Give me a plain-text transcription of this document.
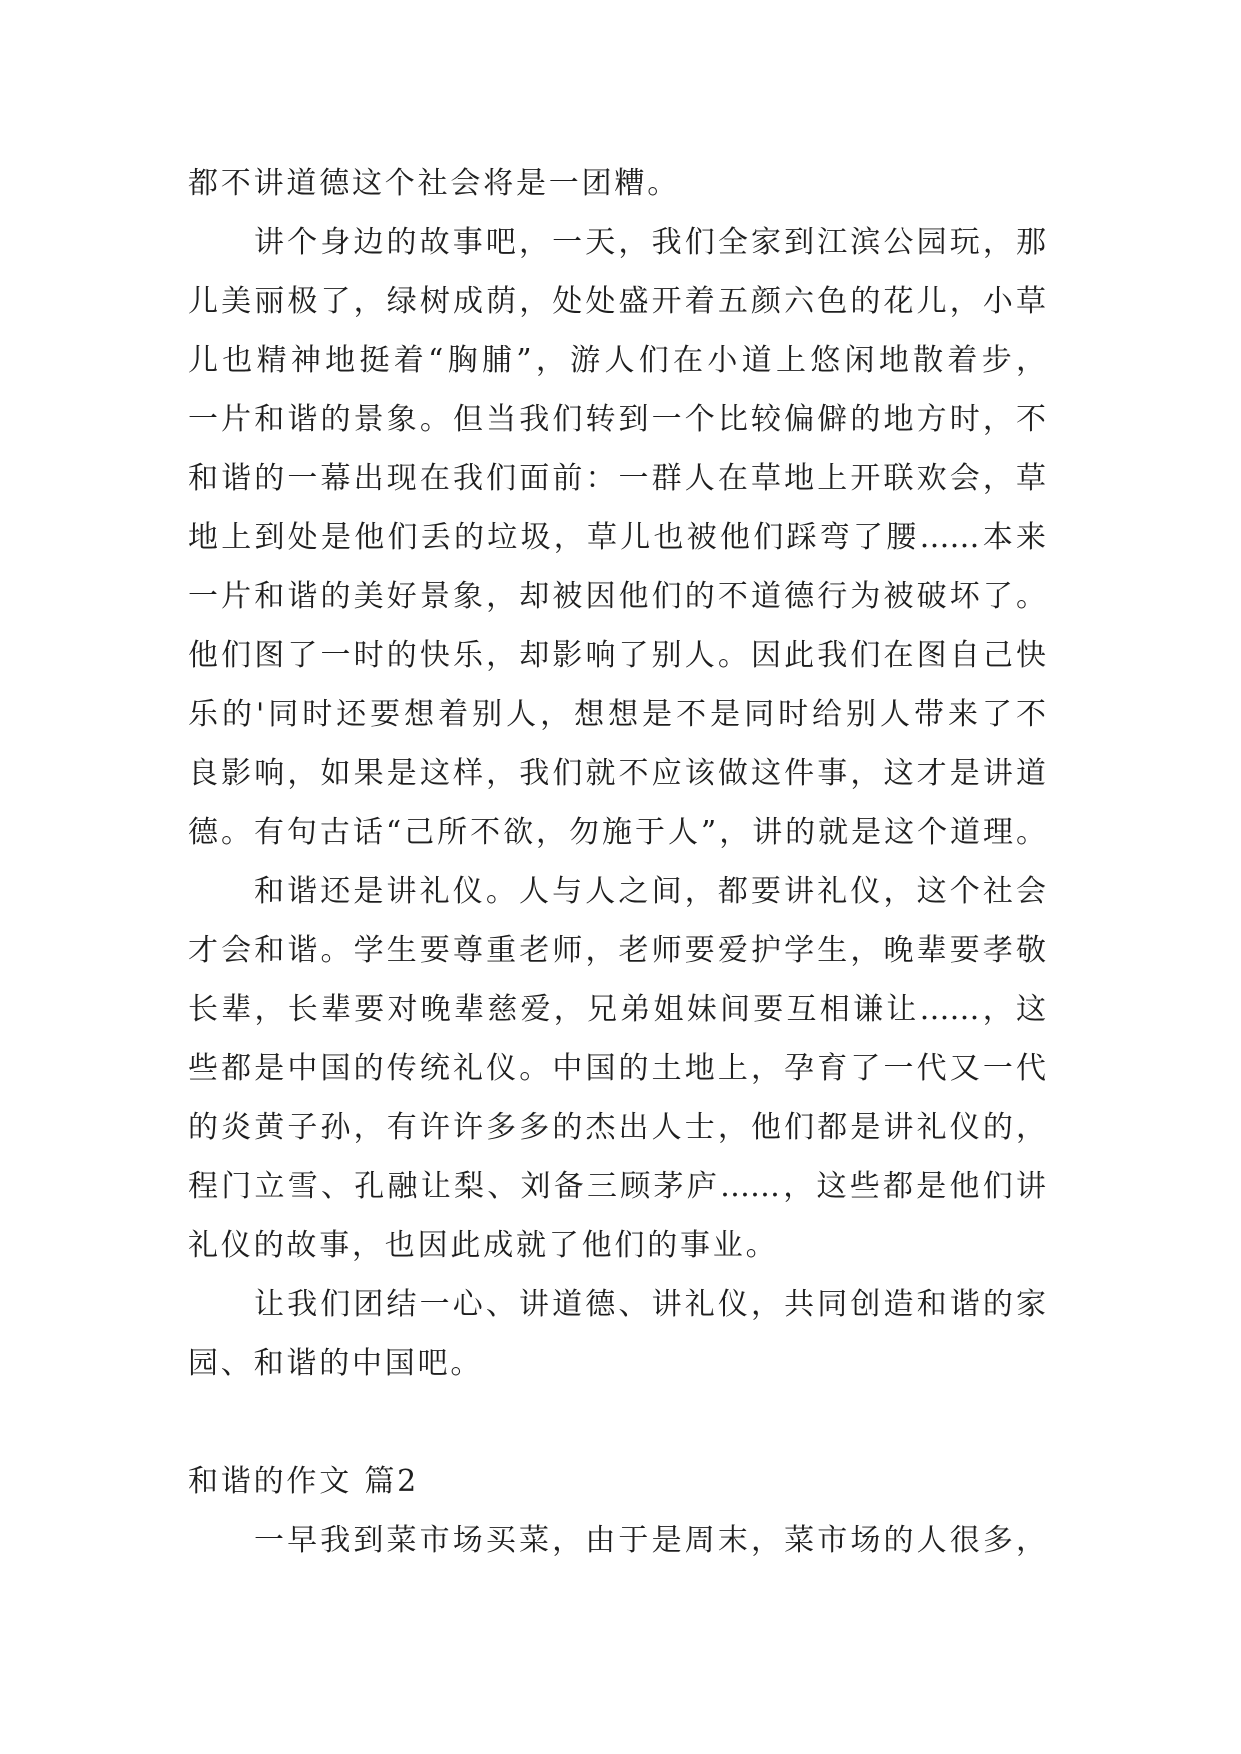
都不讲道德这个社会将是一团糟。
讲个身边的故事吧，一天，我们全家到江滨公园玩，那
儿美丽极了，绿树成荫，处处盛开着五颜六色的花儿，小草
儿也精神地挺着“胸脯”，游人们在小道上悠闲地散着步，
一片和谐的景象。但当我们转到一个比较偏僻的地方时，不
和谐的一幕出现在我们面前：一群人在草地上开联欢会，草
地上到处是他们丢的垃圾，草儿也被他们踩弯了腰……本来
一片和谐的美好景象，却被因他们的不道德行为被破坏了。
他们图了一时的快乐，却影响了别人。因此我们在图自己快
乐的'同时还要想着别人，想想是不是同时给别人带来了不
良影响，如果是这样，我们就不应该做这件事，这才是讲道
德。有句古话“己所不欲，勿施于人”，讲的就是这个道理。
和谐还是讲礼仪。人与人之间，都要讲礼仪，这个社会
才会和谐。学生要尊重老师，老师要爱护学生，晚辈要孝敬
长辈，长辈要对晚辈慈爱，兄弟姐妹间要互相谦让……，这
些都是中国的传统礼仪。中国的土地上，孕育了一代又一代
的炎黄子孙，有许许多多的杰出人士，他们都是讲礼仪的，
程门立雪、孔融让梨、刘备三顾茅庐……，这些都是他们讲
礼仪的故事，也因此成就了他们的事业。
让我们团结一心、讲道德、讲礼仪，共同创造和谐的家
园、和谐的中国吧。
和谐的作文 篇2
一早我到菜市场买菜，由于是周末，菜市场的人很多，
